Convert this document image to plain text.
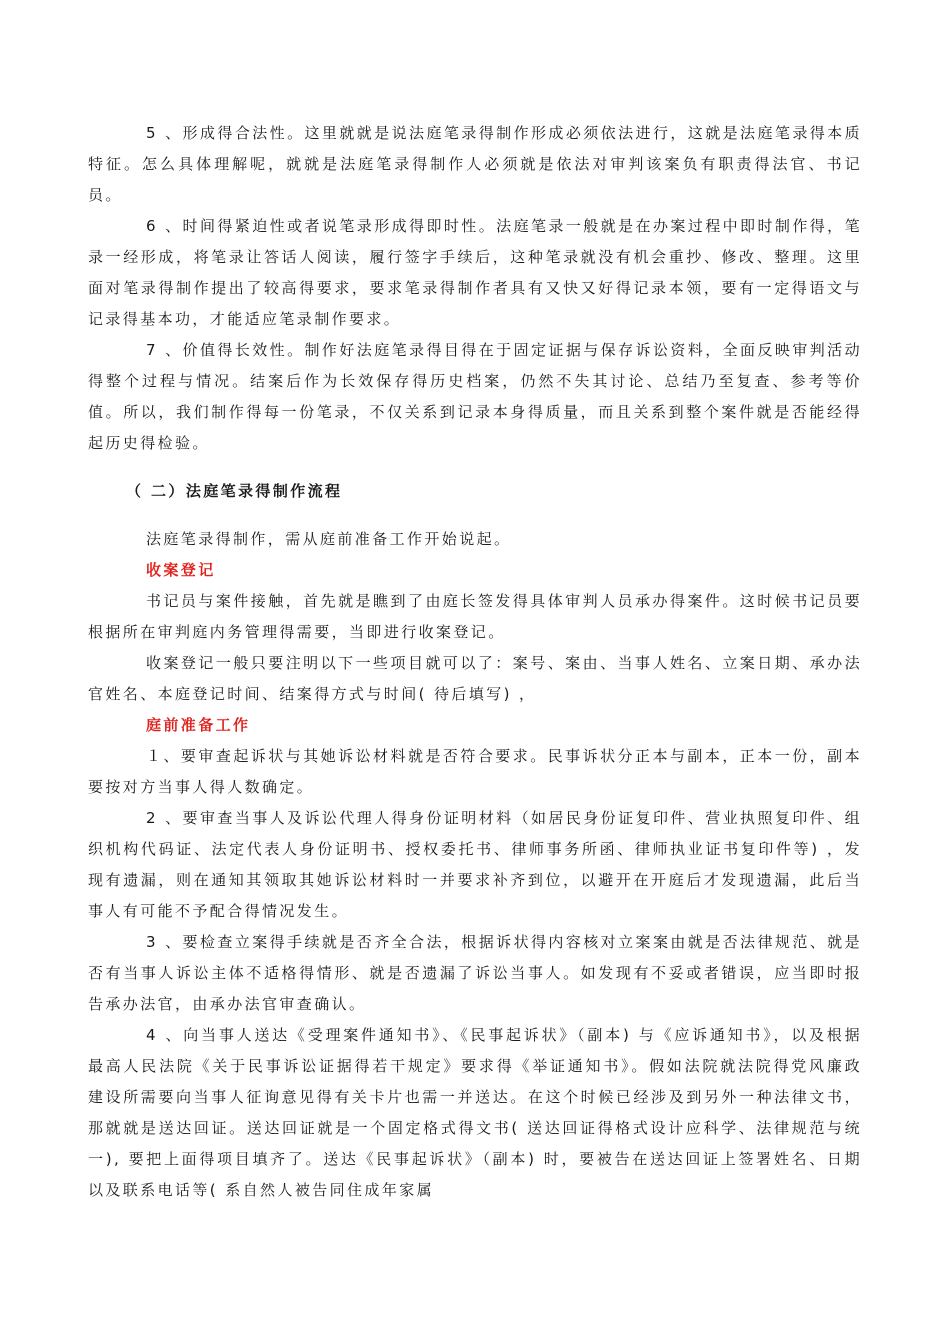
5 、形成得合法性。这里就就是说法庭笔录得制作形成必须依法进行，这就是法庭笔录得本质特征。怎么具体理解呢，就就是法庭笔录得制作人必须就是依法对审判该案负有职责得法官、书记员。

6 、时间得紧迫性或者说笔录形成得即时性。法庭笔录一般就是在办案过程中即时制作得，笔录一经形成，将笔录让答话人阅读，履行签字手续后，这种笔录就没有机会重抄、修改、整理。这里面对笔录得制作提出了较高得要求，要求笔录得制作者具有又快又好得记录本领，要有一定得语文与记录得基本功，才能适应笔录制作要求。

7 、价值得长效性。制作好法庭笔录得目得在于固定证据与保存诉讼资料，全面反映审判活动得整个过程与情况。结案后作为长效保存得历史档案，仍然不失其讨论、总结乃至复查、参考等价值。所以，我们制作得每一份笔录，不仅关系到记录本身得质量，而且关系到整个案件就是否能经得起历史得检验。

（ 二）法庭笔录得制作流程

法庭笔录得制作，需从庭前准备工作开始说起。

收案登记

书记员与案件接触，首先就是瞧到了由庭长签发得具体审判人员承办得案件。这时候书记员要根据所在审判庭内务管理得需要，当即进行收案登记。

收案登记一般只要注明以下一些项目就可以了：案号、案由、当事人姓名、立案日期、承办法官姓名、本庭登记时间、结案得方式与时间( 待后填写) ，

庭前准备工作

１、要审查起诉状与其她诉讼材料就是否符合要求。民事诉状分正本与副本，正本一份，副本要按对方当事人得人数确定。

2 、要审查当事人及诉讼代理人得身份证明材料（如居民身份证复印件、营业执照复印件、组织机构代码证、法定代表人身份证明书、授权委托书、律师事务所函、律师执业证书复印件等) ，发现有遗漏，则在通知其领取其她诉讼材料时一并要求补齐到位，以避开在开庭后才发现遗漏，此后当事人有可能不予配合得情况发生。

3 、要检查立案得手续就是否齐全合法，根据诉状得内容核对立案案由就是否法律规范、就是否有当事人诉讼主体不适格得情形、就是否遗漏了诉讼当事人。如发现有不妥或者错误，应当即时报告承办法官，由承办法官审查确认。

4 、向当事人送达《受理案件通知书》、《民事起诉状》（副本) 与《应诉通知书》，以及根据最高人民法院《关于民事诉讼证据得若干规定》要求得《举证通知书》。假如法院就法院得党风廉政建设所需要向当事人征询意见得有关卡片也需一并送达。在这个时候已经涉及到另外一种法律文书，那就就是送达回证。送达回证就是一个固定格式得文书( 送达回证得格式设计应科学、法律规范与统一), 要把上面得项目填齐了。送达《民事起诉状》（副本) 时，要被告在送达回证上签署姓名、日期以及联系电话等( 系自然人被告同住成年家属
